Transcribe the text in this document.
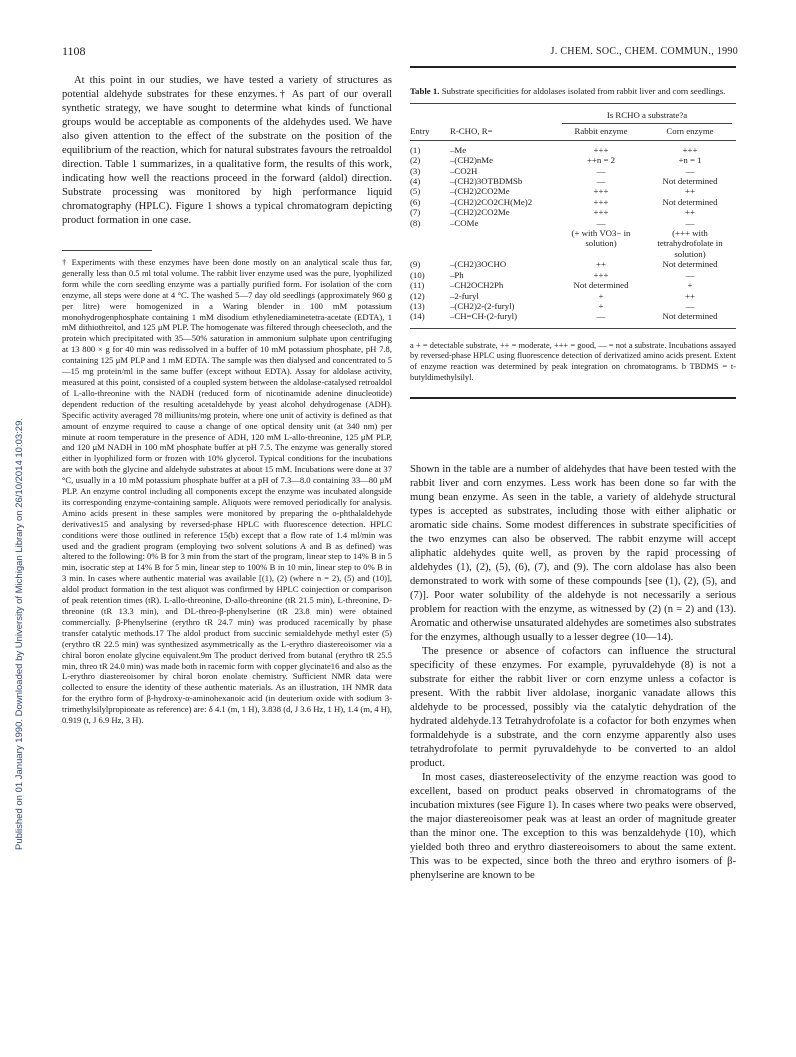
1108	J. CHEM. SOC., CHEM. COMMUN., 1990
Published on 01 January 1990. Downloaded by University of Michigan Library on 26/10/2014 10:03:29.

At this point in our studies, we have tested a variety of structures as potential aldehyde substrates for these enzymes.† As part of our overall synthetic strategy, we have sought to determine what kinds of functional groups would be acceptable as components of the aldehydes used. We have also given attention to the effect of the substrate on the position of the equilibrium of the reaction, which for natural substrates favours the retroaldol direction. Table 1 summarizes, in a qualitative form, the results of this work, indicating how well the reactions proceed in the forward (aldol) direction. Substrate processing was monitored by high performance liquid chromatography (HPLC). Figure 1 shows a typical chromatogram depicting product formation in one case.

† Experiments with these enzymes have been done mostly on an analytical scale thus far, generally less than 0.5 ml total volume. The rabbit liver enzyme used was the pure, lyophilized form while the corn seedling enzyme was a partially purified form. For isolation of the corn enzyme, all steps were done at 4 °C. The washed 5—7 day old seedlings (approximately 960 g per litre) were homogenized in a Waring blender in 100 mM potassium monohydrogenphosphate containing 1 mM disodium ethylenediaminetetra-acetate (EDTA), 1 mM dithiothreitol, and 125 μM PLP. The homogenate was filtered through cheesecloth, and the protein which precipitated with 35—50% saturation in ammonium sulphate upon centrifuging at 13 800 × g for 40 min was redissolved in a buffer of 10 mM potassium phosphate, pH 7.8, containing 125 μM PLP and 1 mM EDTA. The sample was then dialysed and concentrated to 5—15 mg protein/ml in the same buffer (except without EDTA). Assay for aldolase activity, measured at this point, consisted of a coupled system between the aldolase-catalysed retroaldol of L-allo-threonine with the NADH (reduced form of nicotinamide adenine dinucleotide) dependent reduction of the resulting acetaldehyde by yeast alcohol dehydrogenase (ADH). Specific activity averaged 78 milliunits/mg protein, where one unit of activity is defined as that amount of enzyme required to cause a change of one optical density unit (at 340 nm) per minute at room temperature in the presence of ADH, 120 mM L-allo-threonine, 125 μM PLP, and 120 μM NADH in 100 mM phosphate buffer at pH 7.5. The enzyme was generally stored either in lyophilized form or frozen with 10% glycerol. Typical conditions for the incubations are with both the glycine and aldehyde substrates at about 15 mM. Incubations were done at 37 °C, usually in a 10 mM potassium phosphate buffer at a pH of 7.3—8.0 containing 33—80 μM PLP. An enzyme control including all components except the enzyme was incubated alongside its corresponding enzyme-containing sample. Aliquots were removed periodically for analysis. Amino acids present in these samples were monitored by preparing the o-phthalaldehyde derivatives15 and analysing by reversed-phase HPLC with fluorescence detection. HPLC conditions were those outlined in reference 15(b) except that a flow rate of 1.4 ml/min was used and the gradient program (employing two solvent solutions A and B as defined) was altered to the following: 0% B for 3 min from the start of the program, linear step to 14% B in 5 min, isocratic step at 14% B for 5 min, linear step to 100% B in 10 min, linear step to 0% B in 3 min. In cases where authentic material was available [(1), (2) (where n = 2), (5) and (10)], aldol product formation in the test aliquot was confirmed by HPLC coinjection or comparison of peak retention times (tR). L-allo-threonine, D-allo-threonine (tR 21.5 min), L-threonine, D-threonine (tR 13.3 min), and DL-threo-β-phenylserine (tR 23.8 min) were obtained commercially. β-Phenylserine (erythro tR 24.7 min) was produced racemically by phase transfer catalytic methods.17 The aldol product from succinic semialdehyde methyl ester (5) (erythro tR 22.5 min) was synthesized asymmetrically as the L-erythro diastereoisomer via a chiral boron enolate glycine equivalent.9m The product derived from butanal (erythro tR 25.5 min, threo tR 24.0 min) was made both in racemic form with copper glycinate16 and also as the L-erythro diastereoisomer by chiral boron enolate chemistry. Sufficient NMR data were collected to ensure the identity of these authentic materials. As an illustration, 1H NMR data for the erythro form of β-hydroxy-α-aminohexanoic acid (in deuterium oxide with sodium 3-trimethylsilylpropionate as reference) are: δ 4.1 (m, 1 H), 3.838 (d, J 3.6 Hz, 1 H), 1.4 (m, 4 H), 0.919 (t, J 6.9 Hz, 3 H).

Table 1. Substrate specificities for aldolases isolated from rabbit liver and corn seedlings.

		Is RCHO a substrate?a	

Entry	R-CHO, R=	Rabbit enzyme	Corn enzyme

(1)	–Me	+++	+++
(2)	–(CH2)nMe	++n = 2	+n = 1
(3)	–CO2H	—	—
(4)	–(CH2)3OTBDMSb	—	Not determined
(5)	–(CH2)2CO2Me	+++	++
(6)	–(CH2)2CO2CH(Me)2	+++	Not determined
(7)	–(CH2)2CO2Me	+++	++
(8)	–COMe	—	—
		(+ with VO3− in solution)	(+++ with tetrahydrofolate in solution)
(9)	–(CH2)3OCHO	++	Not determined
(10)	–Ph	+++	—
(11)	–CH2OCH2Ph	Not determined	+
(12)	–2-furyl	+	++
(13)	–(CH2)2-(2-furyl)	+	—
(14)	–CH=CH-(2-furyl)	—	Not determined

a + = detectable substrate, ++ = moderate, +++ = good, — = not a substrate. Incubations assayed by reversed-phase HPLC using fluorescence detection of derivatized amino acids present. Extent of enzyme reaction was determined by peak integration on chromatograms. b TBDMS = t-butyldimethylsilyl.

Shown in the table are a number of aldehydes that have been tested with the rabbit liver and corn enzymes. Less work has been done so far with the mung bean enzyme. As seen in the table, a variety of aldehyde structural types is accepted as substrates, including those with either aliphatic or aromatic side chains. Some modest differences in substrate specificities of the two enzymes can also be observed. The rabbit enzyme will accept aliphatic aldehydes quite well, as proven by the rapid processing of aldehydes (1), (2), (5), (6), (7), and (9). The corn aldolase has also been demonstrated to work with some of these compounds [see (1), (2), (5), and (7)]. Poor water solubility of the aldehyde is not necessarily a serious problem for reaction with the enzyme, as witnessed by (2) (n = 2) and (13). Aromatic and otherwise unsaturated aldehydes are sometimes also substrates for the enzymes, although usually to a lesser degree (10—14).

The presence or absence of cofactors can influence the structural specificity of these enzymes. For example, pyruvaldehyde (8) is not a substrate for either the rabbit liver or corn enzyme unless a cofactor is present. With the rabbit liver aldolase, inorganic vanadate allows this aldehyde to be processed, possibly via the catalytic dehydration of the hydrated aldehyde.13 Tetrahydrofolate is a cofactor for both enzymes when formaldehyde is a substrate, and the corn enzyme apparently also uses tetrahydrofolate to permit pyruvaldehyde to be converted to an aldol product.

In most cases, diastereoselectivity of the enzyme reaction was good to excellent, based on product peaks observed in chromatograms of the incubation mixtures (see Figure 1). In cases where two peaks were observed, the major diastereoisomer peak was at least an order of magnitude greater than the minor one. The exception to this was benzaldehyde (10), which yielded both threo and erythro diastereoisomers to about the same extent. This was to be expected, since both the threo and erythro isomers of β-phenylserine are known to be
